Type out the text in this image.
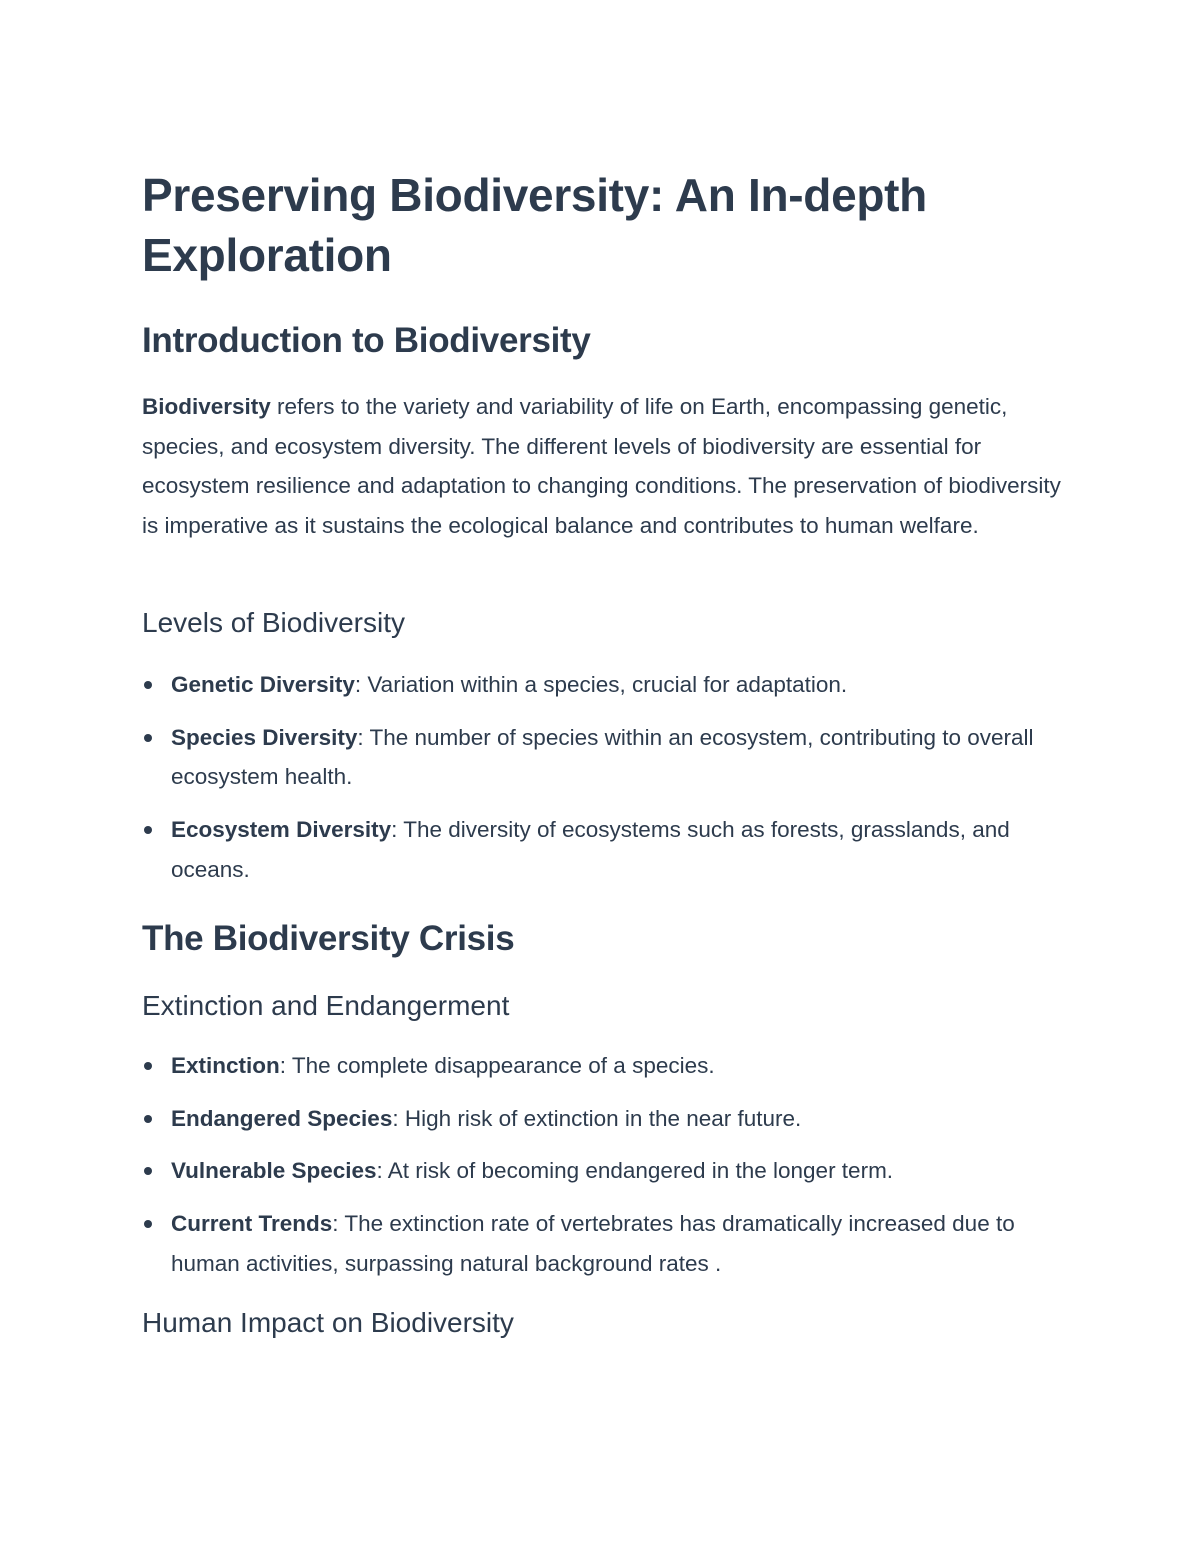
Preserving Biodiversity: An In-depth Exploration
Introduction to Biodiversity

Biodiversity refers to the variety and variability of life on Earth, encompassing genetic, species, and ecosystem diversity. The different levels of biodiversity are essential for ecosystem resilience and adaptation to changing conditions. The preservation of biodiversity is imperative as it sustains the ecological balance and contributes to human welfare.

Levels of Biodiversity
Genetic Diversity: Variation within a species, crucial for adaptation.
Species Diversity: The number of species within an ecosystem, contributing to overall ecosystem health.
Ecosystem Diversity: The diversity of ecosystems such as forests, grasslands, and oceans.
The Biodiversity Crisis
Extinction and Endangerment
Extinction: The complete disappearance of a species.
Endangered Species: High risk of extinction in the near future.
Vulnerable Species: At risk of becoming endangered in the longer term.
Current Trends: The extinction rate of vertebrates has dramatically increased due to human activities, surpassing natural background rates .
Human Impact on Biodiversity
